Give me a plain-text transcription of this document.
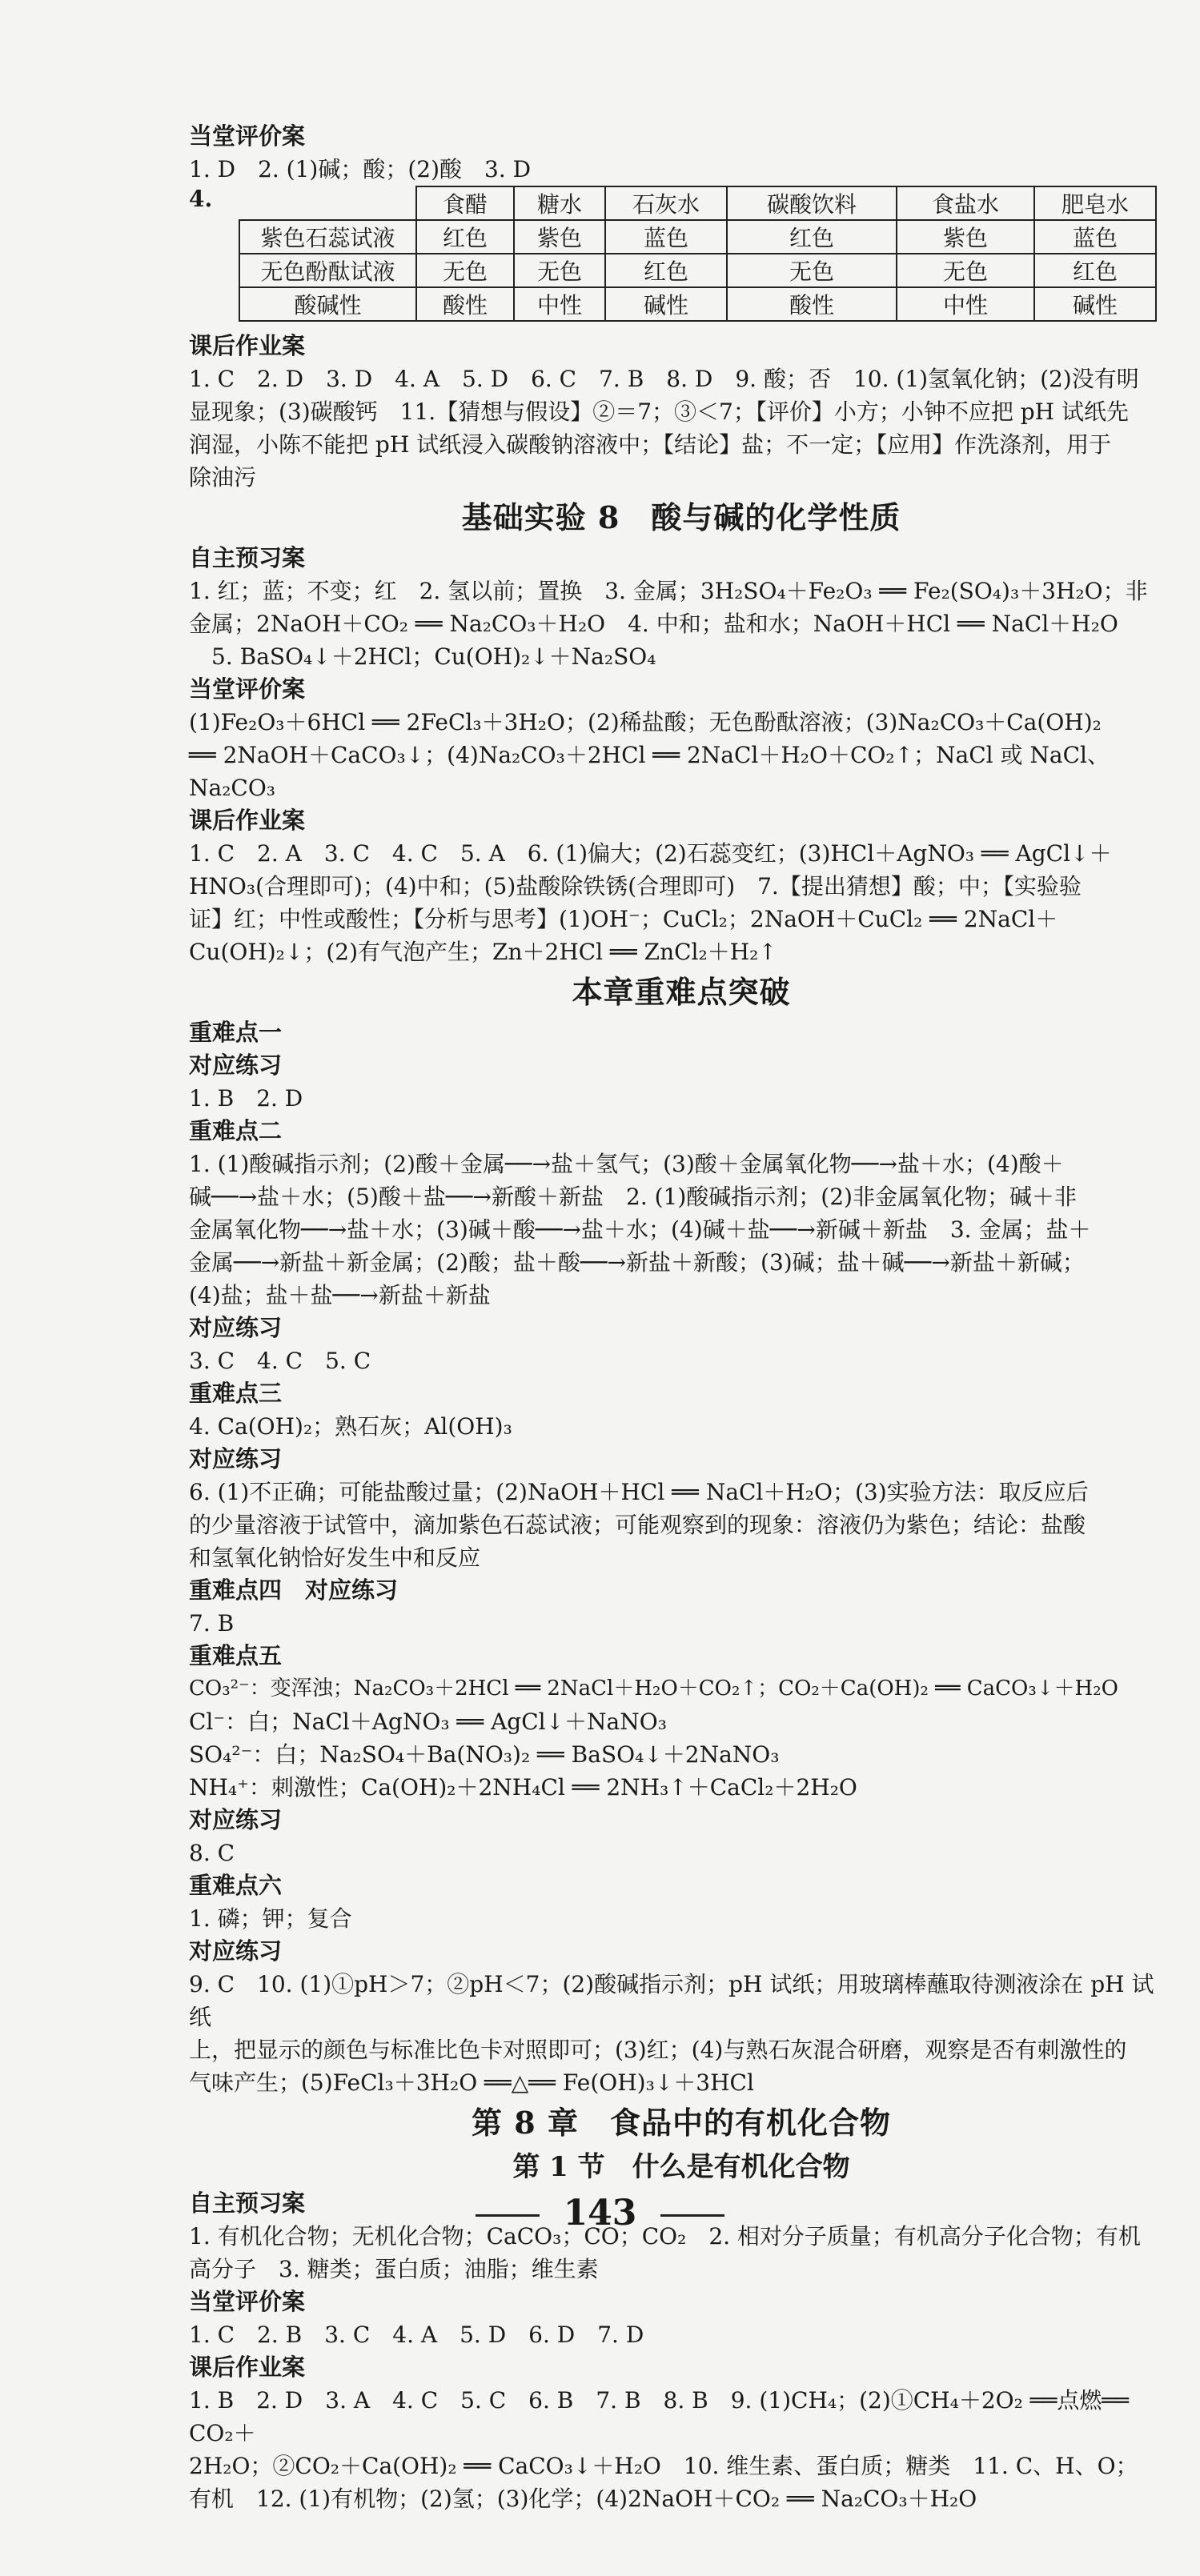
当堂评价案
1. D　2. (1)碱；酸；(2)酸　3. D
4.
		食醋	糖水	石灰水	碳酸饮料	食盐水	肥皂水
紫色石蕊试液	红色	紫色	蓝色	红色	紫色	蓝色
无色酚酞试液	无色	无色	红色	无色	无色	红色
酸碱性	酸性	中性	碱性	酸性	中性	碱性
课后作业案
1. C　2. D　3. D　4. A　5. D　6. C　7. B　8. D　9. 酸；否　10. (1)氢氧化钠；(2)没有明
显现象；(3)碳酸钙　11.【猜想与假设】②＝7；③＜7；【评价】小方；小钟不应把 pH 试纸先
润湿，小陈不能把 pH 试纸浸入碳酸钠溶液中；【结论】盐；不一定；【应用】作洗涤剂，用于
除油污
基础实验 8　酸与碱的化学性质
自主预习案
1. 红；蓝；不变；红　2. 氢以前；置换　3. 金属；3H₂SO₄＋Fe₂O₃ ══ Fe₂(SO₄)₃＋3H₂O；非
金属；2NaOH＋CO₂ ══ Na₂CO₃＋H₂O　4. 中和；盐和水；NaOH＋HCl ══ NaCl＋H₂O
　5. BaSO₄↓＋2HCl；Cu(OH)₂↓＋Na₂SO₄
当堂评价案
(1)Fe₂O₃＋6HCl ══ 2FeCl₃＋3H₂O；(2)稀盐酸；无色酚酞溶液；(3)Na₂CO₃＋Ca(OH)₂
══ 2NaOH＋CaCO₃↓；(4)Na₂CO₃＋2HCl ══ 2NaCl＋H₂O＋CO₂↑；NaCl 或 NaCl、
Na₂CO₃
课后作业案
1. C　2. A　3. C　4. C　5. A　6. (1)偏大；(2)石蕊变红；(3)HCl＋AgNO₃ ══ AgCl↓＋
HNO₃(合理即可)；(4)中和；(5)盐酸除铁锈(合理即可)　7.【提出猜想】酸；中；【实验验
证】红；中性或酸性；【分析与思考】(1)OH⁻；CuCl₂；2NaOH＋CuCl₂ ══ 2NaCl＋
Cu(OH)₂↓；(2)有气泡产生；Zn＋2HCl ══ ZnCl₂＋H₂↑
本章重难点突破
重难点一
对应练习
1. B　2. D
重难点二
1. (1)酸碱指示剂；(2)酸＋金属──→盐＋氢气；(3)酸＋金属氧化物──→盐＋水；(4)酸＋
碱──→盐＋水；(5)酸＋盐──→新酸＋新盐　2. (1)酸碱指示剂；(2)非金属氧化物；碱＋非
金属氧化物──→盐＋水；(3)碱＋酸──→盐＋水；(4)碱＋盐──→新碱＋新盐　3. 金属；盐＋
金属──→新盐＋新金属；(2)酸；盐＋酸──→新盐＋新酸；(3)碱；盐＋碱──→新盐＋新碱；
(4)盐；盐＋盐──→新盐＋新盐
对应练习
3. C　4. C　5. C
重难点三
4. Ca(OH)₂；熟石灰；Al(OH)₃
对应练习
6. (1)不正确；可能盐酸过量；(2)NaOH＋HCl ══ NaCl＋H₂O；(3)实验方法：取反应后
的少量溶液于试管中，滴加紫色石蕊试液；可能观察到的现象：溶液仍为紫色；结论：盐酸
和氢氧化钠恰好发生中和反应
重难点四　对应练习
7. B
重难点五
CO₃²⁻：变浑浊；Na₂CO₃＋2HCl ══ 2NaCl＋H₂O＋CO₂↑；CO₂＋Ca(OH)₂ ══ CaCO₃↓＋H₂O
Cl⁻：白；NaCl＋AgNO₃ ══ AgCl↓＋NaNO₃
SO₄²⁻：白；Na₂SO₄＋Ba(NO₃)₂ ══ BaSO₄↓＋2NaNO₃
NH₄⁺：刺激性；Ca(OH)₂＋2NH₄Cl ══ 2NH₃↑＋CaCl₂＋2H₂O
对应练习
8. C
重难点六
1. 磷；钾；复合
对应练习
9. C　10. (1)①pH＞7；②pH＜7；(2)酸碱指示剂；pH 试纸；用玻璃棒蘸取待测液涂在 pH 试纸
上，把显示的颜色与标准比色卡对照即可；(3)红；(4)与熟石灰混合研磨，观察是否有刺激性的
气味产生；(5)FeCl₃＋3H₂O ══△══ Fe(OH)₃↓＋3HCl
第 8 章　食品中的有机化合物
第 1 节　什么是有机化合物
自主预习案
1. 有机化合物；无机化合物；CaCO₃；CO；CO₂　2. 相对分子质量；有机高分子化合物；有机
高分子　3. 糖类；蛋白质；油脂；维生素
当堂评价案
1. C　2. B　3. C　4. A　5. D　6. D　7. D
课后作业案
1. B　2. D　3. A　4. C　5. C　6. B　7. B　8. B　9. (1)CH₄；(2)①CH₄＋2O₂ ══点燃══ CO₂＋
2H₂O；②CO₂＋Ca(OH)₂ ══ CaCO₃↓＋H₂O　10. 维生素、蛋白质；糖类　11. C、H、O；
有机　12. (1)有机物；(2)氢；(3)化学；(4)2NaOH＋CO₂ ══ Na₂CO₃＋H₂O
143
